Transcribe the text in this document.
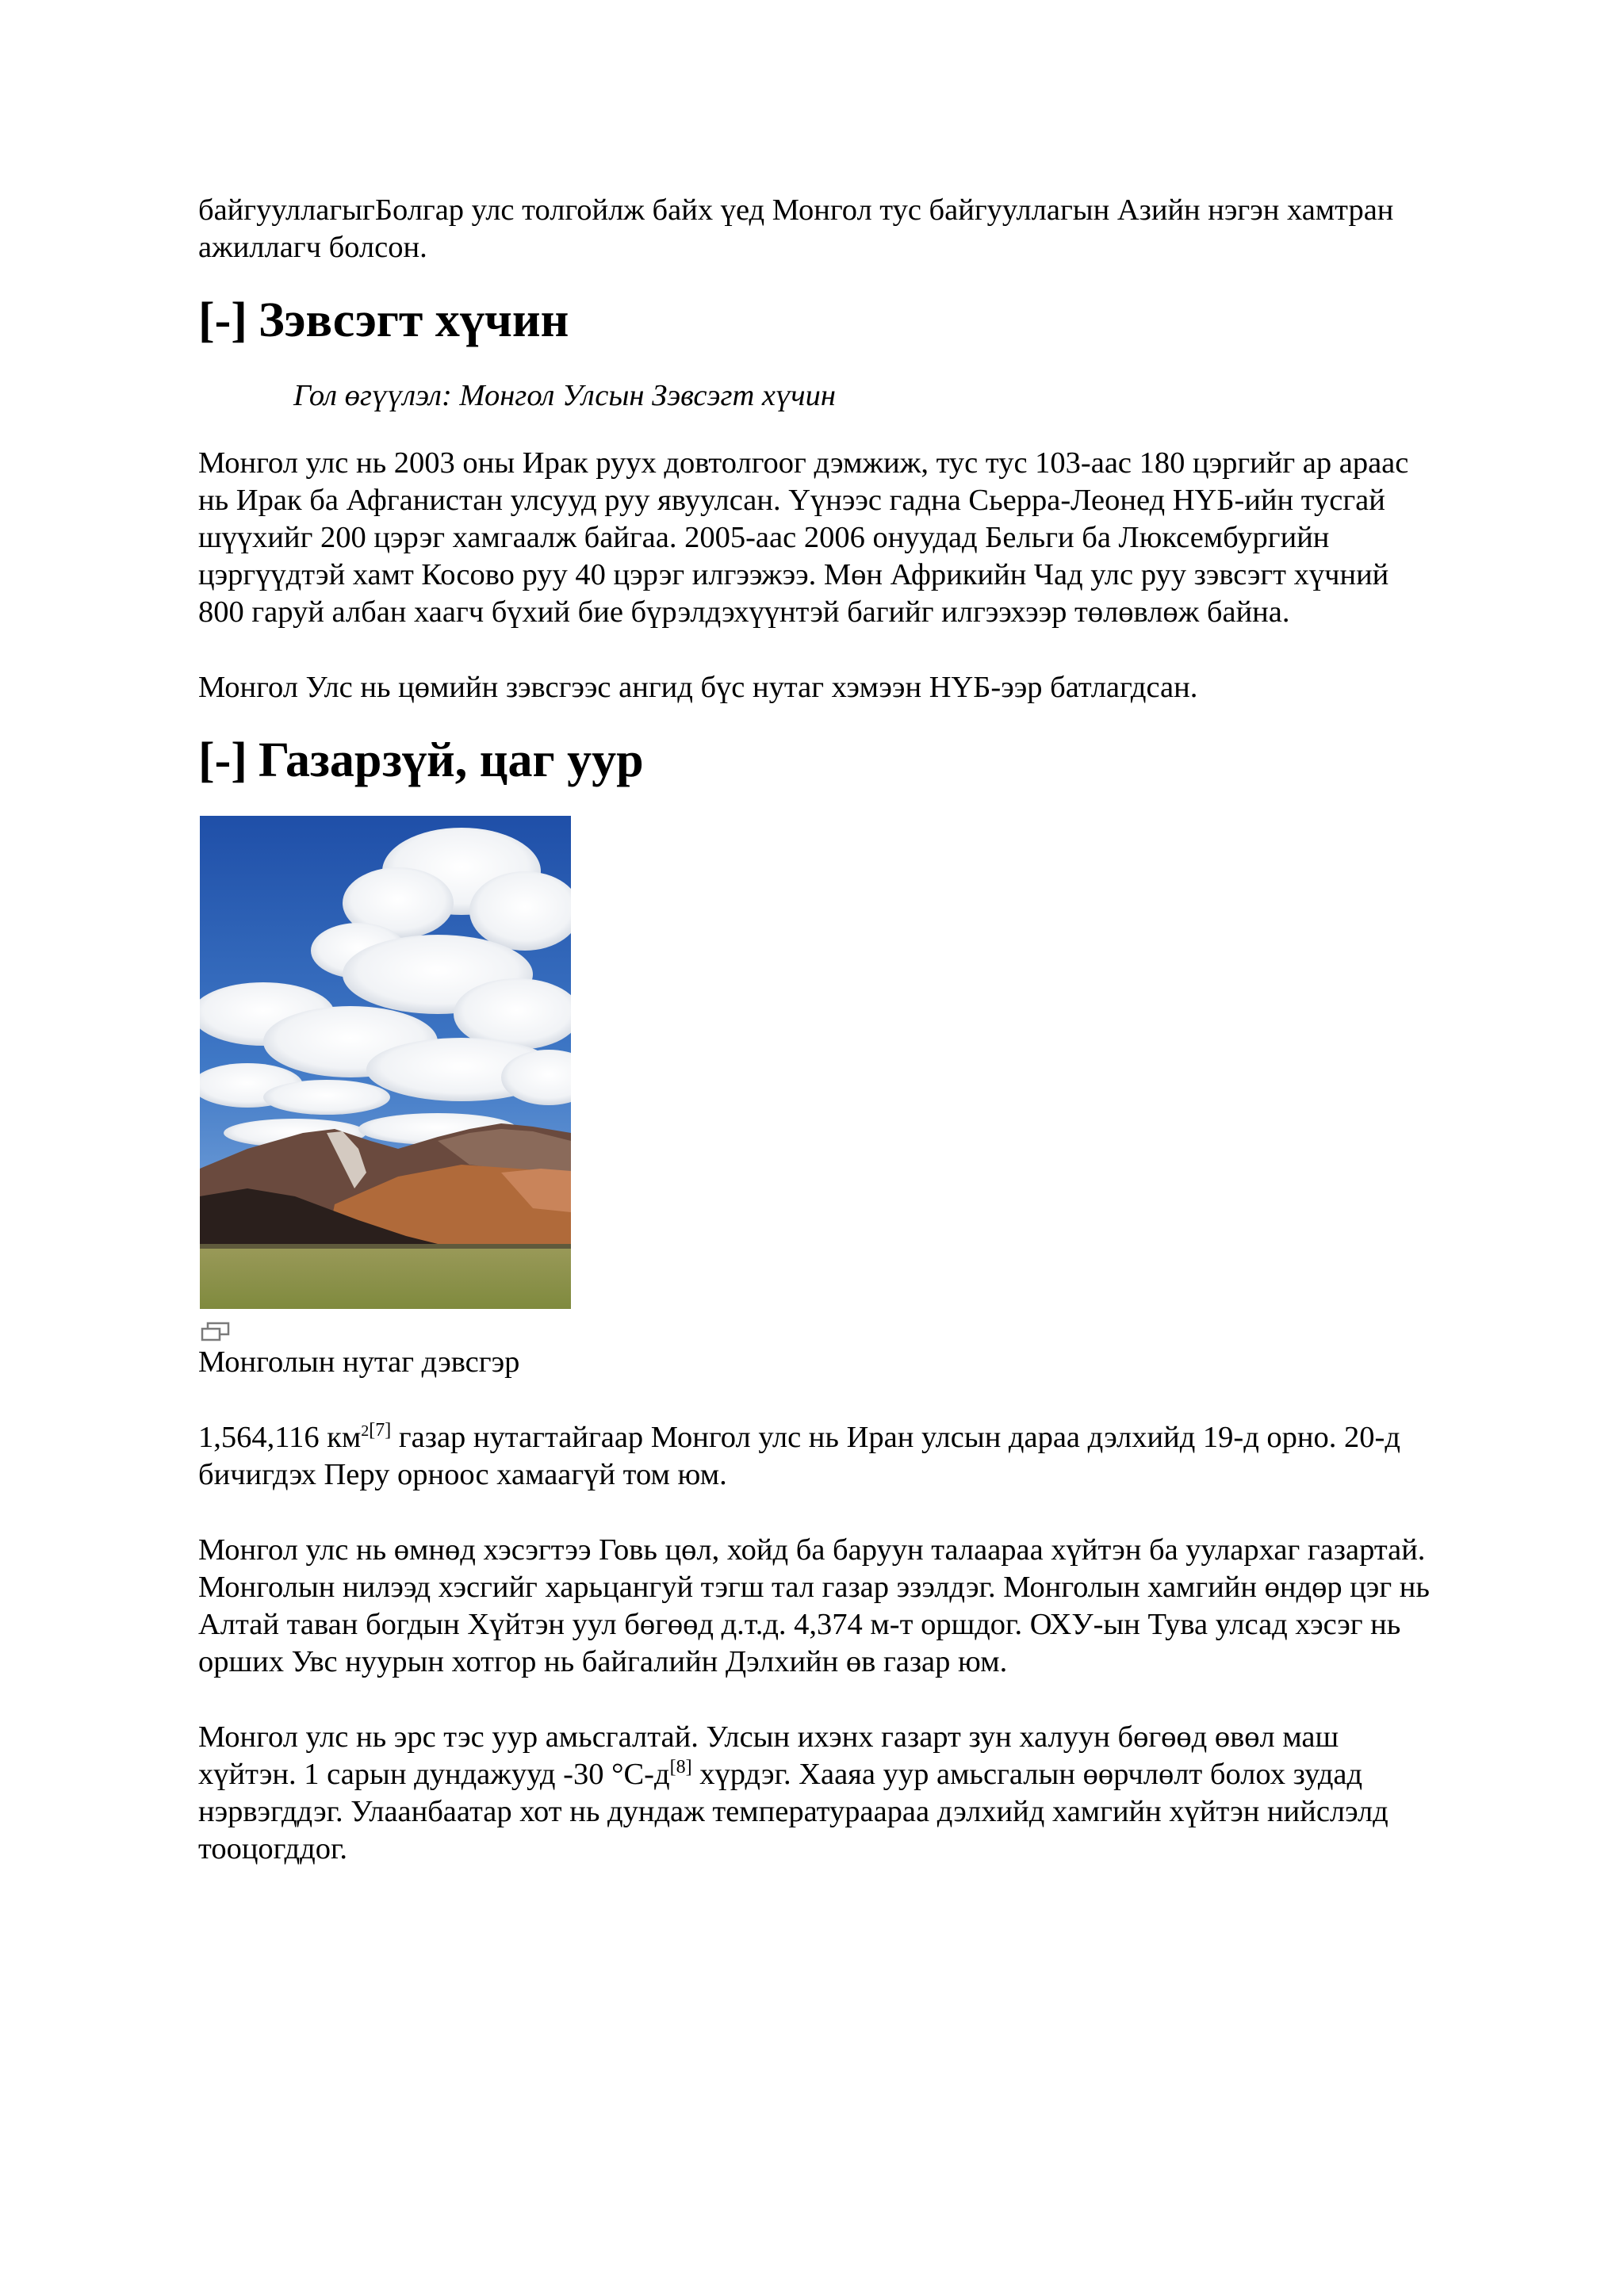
байгууллагыгБолгар улс толгойлж байх үед Монгол тус байгууллагын Азийн нэгэн хамтран ажиллагч болсон.

[-] Зэвсэгт хүчин

Гол өгүүлэл: Монгол Улсын Зэвсэгт хүчин

Монгол улс нь 2003 оны Ирак руух довтолгоог дэмжиж, тус тус 103-аас 180 цэргийг ар араас нь Ирак ба Афганистан улсууд руу явуулсан. Үүнээс гадна Сьерра-Леонед НҮБ-ийн тусгай шүүхийг 200 цэрэг хамгаалж байгаа. 2005-аас 2006 онуудад Бельги ба Люксембургийн цэргүүдтэй хамт Косово руу 40 цэрэг илгээжээ. Мөн Африкийн Чад улс руу зэвсэгт хүчний 800 гаруй албан хаагч бүхий бие бүрэлдэхүүнтэй багийг илгээхээр төлөвлөж байна.

Монгол Улс нь цөмийн зэвсгээс ангид бүс нутаг хэмээн НҮБ-ээр батлагдсан.

[-] Газарзүй, цаг уур

Монголын нутаг дэвсгэр

1,564,116 $км^{2[7]}$ газар нутагтайгаар Монгол улс нь Иран улсын дараа дэлхийд 19-д орно. 20-д бичигдэх Перу орноос хамаагүй том юм.

Монгол улс нь өмнөд хэсэгтээ Говь цөл, хойд ба баруун талаараа хүйтэн ба уулархаг газартай. Монголын нилээд хэсгийг харьцангуй тэгш тал газар эзэлдэг. Монголын хамгийн өндөр цэг нь Алтай таван богдын Хүйтэн уул бөгөөд д.т.д. 4,374 м-т оршдог. ОХУ-ын Тува улсад хэсэг нь орших Увс нуурын хотгор нь байгалийн Дэлхийн өв газар юм.

Монгол улс нь эрс тэс уур амьсгалтай. Улсын ихэнх газарт зун халуун бөгөөд өвөл маш хүйтэн. 1 сарын дундажууд -30 °C-д[8] хүрдэг. Хааяа уур амьсгалын өөрчлөлт болох зудад нэрвэгддэг. Улаанбаатар хот нь дундаж температурaараа дэлхийд хамгийн хүйтэн нийслэлд тооцогддог.
